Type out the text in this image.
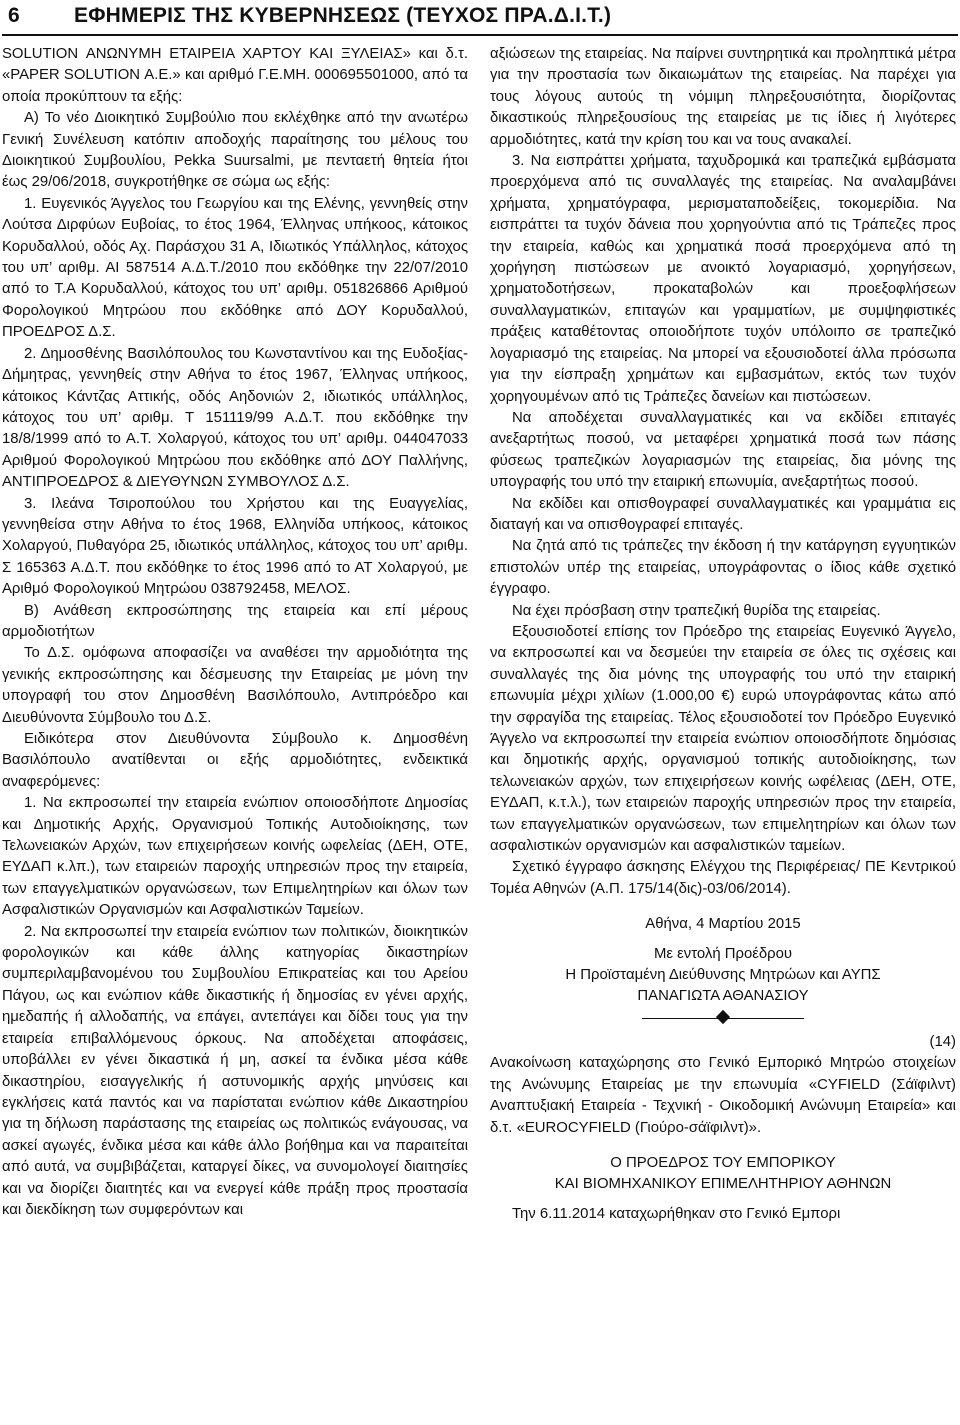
6	ΕΦΗΜΕΡΙΣ ΤΗΣ ΚΥΒΕΡΝΗΣΕΩΣ (ΤΕΥΧΟΣ ΠΡΑ.Δ.Ι.Τ.)

SOLUTION ΑΝΩΝΥΜΗ ΕΤΑΙΡΕΙΑ ΧΑΡΤΟΥ ΚΑΙ ΞΥΛΕΙΑΣ» και δ.τ. «PAPER SOLUTION Α.Ε.» και αριθμό Γ.Ε.ΜΗ. 000695501000, από τα οποία προκύπτουν τα εξής:

Α) Το νέο Διοικητικό Συμβούλιο που εκλέχθηκε από την ανωτέρω Γενική Συνέλευση κατόπιν αποδοχής παραίτησης του μέλους του Διοικητικού Συμβουλίου, Pekka Suursalmi, με πενταετή θητεία ήτοι έως 29/06/2018, συγκροτήθηκε σε σώμα ως εξής:

1. Ευγενικός Άγγελος του Γεωργίου και της Ελένης, γεννηθείς στην Λούτσα Διρφύων Ευβοίας, το έτος 1964, Έλληνας υπήκοος, κάτοικος Κορυδαλλού, οδός Αχ. Παράσχου 31 Α, Ιδιωτικός Υπάλληλος, κάτοχος του υπ’ αριθμ. ΑΙ 587514 Α.Δ.Τ./2010 που εκδόθηκε την 22/07/2010 από το Τ.Α Κορυδαλλού, κάτοχος του υπ’ αριθμ. 051826866 Αριθμού Φορολογικού Μητρώου που εκδόθηκε από ΔΟΥ Κορυδαλλού, ΠΡΟΕΔΡΟΣ Δ.Σ.

2. Δημοσθένης Βασιλόπουλος του Κωνσταντίνου και της ΕυδοξίαςΔήμητρας, γεννηθείς στην Αθήνα το έτος 1967, Έλληνας υπήκοος, κάτοικος Κάντζας Αττικής, οδός Αηδονιών 2, ιδιωτικός υπάλληλος, κάτοχος του υπ’ αριθμ. Τ 151119/99 Α.Δ.Τ. που εκδόθηκε την 18/8/1999 από το Α.Τ. Χολαργού, κάτοχος του υπ’ αριθμ. 044047033 Αριθμού Φορολογικού Μητρώου που εκδόθηκε από ΔΟΥ Παλλήνης, ΑΝΤΙΠΡΟΕΔΡΟΣ & ΔΙΕΥΘΥΝΩΝ ΣΥΜΒΟΥΛΟΣ Δ.Σ.

3. Ιλεάνα Τσιροπούλου του Χρήστου και της Ευαγγελίας, γεννηθείσα στην Αθήνα το έτος 1968, Ελληνίδα υπήκοος, κάτοικος Χολαργού, Πυθαγόρα 25, ιδιωτικός υπάλληλος, κάτοχος του υπ’ αριθμ. Σ 165363 Α.Δ.Τ. που εκδόθηκε το έτος 1996 από το ΑΤ Χολαργού, με Αριθμό Φορολογικού Μητρώου 038792458, ΜΕΛΟΣ.

Β) Ανάθεση εκπροσώπησης της εταιρεία και επί μέρους αρμοδιοτήτων

Το Δ.Σ. ομόφωνα αποφασίζει να αναθέσει την αρμοδιότητα της γενικής εκπροσώπησης και δέσμευσης την Εταιρείας με μόνη την υπογραφή του στον Δημοσθένη Βασιλόπουλο, Αντιπρόεδρο και Διευθύνοντα Σύμβουλο του Δ.Σ.

Ειδικότερα στον Διευθύνοντα Σύμβουλο κ. Δημοσθένη Βασιλόπουλο ανατίθενται οι εξής αρμοδιότητες, ενδεικτικά αναφερόμενες:

1. Να εκπροσωπεί την εταιρεία ενώπιον οποιοσδήποτε Δημοσίας και Δημοτικής Αρχής, Οργανισμού Τοπικής Αυτοδιοίκησης, των Τελωνειακών Αρχών, των επιχειρήσεων κοινής ωφελείας (ΔΕΗ, ΟΤΕ, ΕΥΔΑΠ κ.λπ.), των εταιρειών παροχής υπηρεσιών προς την εταιρεία, των επαγγελματικών οργανώσεων, των Επιμελητηρίων και όλων των Ασφαλιστικών Οργανισμών και Ασφαλιστικών Ταμείων.

2. Να εκπροσωπεί την εταιρεία ενώπιον των πολιτικών, διοικητικών φορολογικών και κάθε άλλης κατηγορίας δικαστηρίων συμπεριλαμβανομένου του Συμβουλίου Επικρατείας και του Αρείου Πάγου, ως και ενώπιον κάθε δικαστικής ή δημοσίας εν γένει αρχής, ημεδαπής ή αλλοδαπής, να επάγει, αντεπάγει και δίδει τους για την εταιρεία επιβαλλόμενους όρκους. Να αποδέχεται αποφάσεις, υποβάλλει εν γένει δικαστικά ή μη, ασκεί τα ένδικα μέσα κάθε δικαστηρίου, εισαγγελικής ή αστυνομικής αρχής μηνύσεις και εγκλήσεις κατά παντός και να παρίσταται ενώπιον κάθε Δικαστηρίου για τη δήλωση παράστασης της εταιρείας ως πολιτικώς ενάγουσας, να ασκεί αγωγές, ένδικα μέσα και κάθε άλλο βοήθημα και να παραιτείται από αυτά, να συμβιβάζεται, καταργεί δίκες, να συνομολογεί διαιτησίες και να διορίζει διαιτητές και να ενεργεί κάθε πράξη προς προστασία και διεκδίκηση των συμφερόντων και

αξιώσεων της εταιρείας. Να παίρνει συντηρητικά και προληπτικά μέτρα για την προστασία των δικαιωμάτων της εταιρείας. Να παρέχει για τους λόγους αυτούς τη νόμιμη πληρεξουσιότητα, διορίζοντας δικαστικούς πληρεξουσίους της εταιρείας με τις ίδιες ή λιγότερες αρμοδιότητες, κατά την κρίση του και να τους ανακαλεί.

3. Να εισπράττει χρήματα, ταχυδρομικά και τραπεζικά εμβάσματα προερχόμενα από τις συναλλαγές της εταιρείας. Να αναλαμβάνει χρήματα, χρηματόγραφα, μερισματαποδείξεις, τοκομερίδια. Να εισπράττει τα τυχόν δάνεια που χορηγούντια από τις Τράπεζες προς την εταιρεία, καθώς και χρηματικά ποσά προερχόμενα από τη χορήγηση πιστώσεων με ανοικτό λογαριασμό, χορηγήσεων, χρηματοδοτήσεων, προκαταβολών και προεξοφλήσεων συναλλαγματικών, επιταγών και γραμματίων, με συμψηφιστικές πράξεις καταθέτοντας οποιοδήποτε τυχόν υπόλοιπο σε τραπεζικό λογαριασμό της εταιρείας. Να μπορεί να εξουσιοδοτεί άλλα πρόσωπα για την είσπραξη χρημάτων και εμβασμάτων, εκτός των τυχόν χορηγουμένων από τις Τράπεζες δανείων και πιστώσεων.

Να αποδέχεται συναλλαγματικές και να εκδίδει επιταγές ανεξαρτήτως ποσού, να μεταφέρει χρηματικά ποσά των πάσης φύσεως τραπεζικών λογαριασμών της εταιρείας, δια μόνης της υπογραφής του υπό την εταιρική επωνυμία, ανεξαρτήτως ποσού.

Να εκδίδει και οπισθογραφεί συναλλαγματικές και γραμμάτια εις διαταγή και να οπισθογραφεί επιταγές.

Να ζητά από τις τράπεζες την έκδοση ή την κατάργηση εγγυητικών επιστολών υπέρ της εταιρείας, υπογράφοντας ο ίδιος κάθε σχετικό έγγραφο.

Να έχει πρόσβαση στην τραπεζική θυρίδα της εταιρείας.

Εξουσιοδοτεί επίσης τον Πρόεδρο της εταιρείας Ευγενικό Άγγελο, να εκπροσωπεί και να δεσμεύει την εταιρεία σε όλες τις σχέσεις και συναλλαγές της δια μόνης της υπογραφής του υπό την εταιρική επωνυμία μέχρι χιλίων (1.000,00 €) ευρώ υπογράφοντας κάτω από την σφραγίδα της εταιρείας. Τέλος εξουσιοδοτεί τον Πρόεδρο Ευγενικό Άγγελο να εκπροσωπεί την εταιρεία ενώπιον οποιοσδήποτε δημόσιας και δημοτικής αρχής, οργανισμού τοπικής αυτοδιοίκησης, των τελωνειακών αρχών, των επιχειρήσεων κοινής ωφέλειας (ΔΕΗ, ΟΤΕ, ΕΥΔΑΠ, κ.τ.λ.), των εταιρειών παροχής υπηρεσιών προς την εταιρεία, των επαγγελματικών οργανώσεων, των επιμελητηρίων και όλων των ασφαλιστικών οργανισμών και ασφαλιστικών ταμείων.

Σχετικό έγγραφο άσκησης Ελέγχου της Περιφέρειας/ ΠΕ Κεντρικού Τομέα Αθηνών (Α.Π. 175/14(δις)-03/06/2014).

Αθήνα, 4 Μαρτίου 2015

Με εντολή Προέδρου

Η Προϊσταμένη Διεύθυνσης Μητρώων και ΑΥΠΣ

ΠΑΝΑΓΙΩΤΑ ΑΘΑΝΑΣΙΟΥ

(14)

Ανακοίνωση καταχώρησης στο Γενικό Εμπορικό Μητρώο στοιχείων της Ανώνυμης Εταιρείας με την επωνυμία «CYFIELD (Σάϊφιλντ) Αναπτυξιακή Εταιρεία - Τεχνική - Οικοδομική Ανώνυμη Εταιρεία» και δ.τ. «EUROCYFIELD (Γιούρο-σάϊφιλντ)».

Ο ΠΡΟΕΔΡΟΣ ΤΟΥ ΕΜΠΟΡΙΚΟΥ

ΚΑΙ ΒΙΟΜΗΧΑΝΙΚΟΥ ΕΠΙΜΕΛΗΤΗΡΙΟΥ ΑΘΗΝΩΝ

Την 6.11.2014 καταχωρήθηκαν στο Γενικό Εμπορι
